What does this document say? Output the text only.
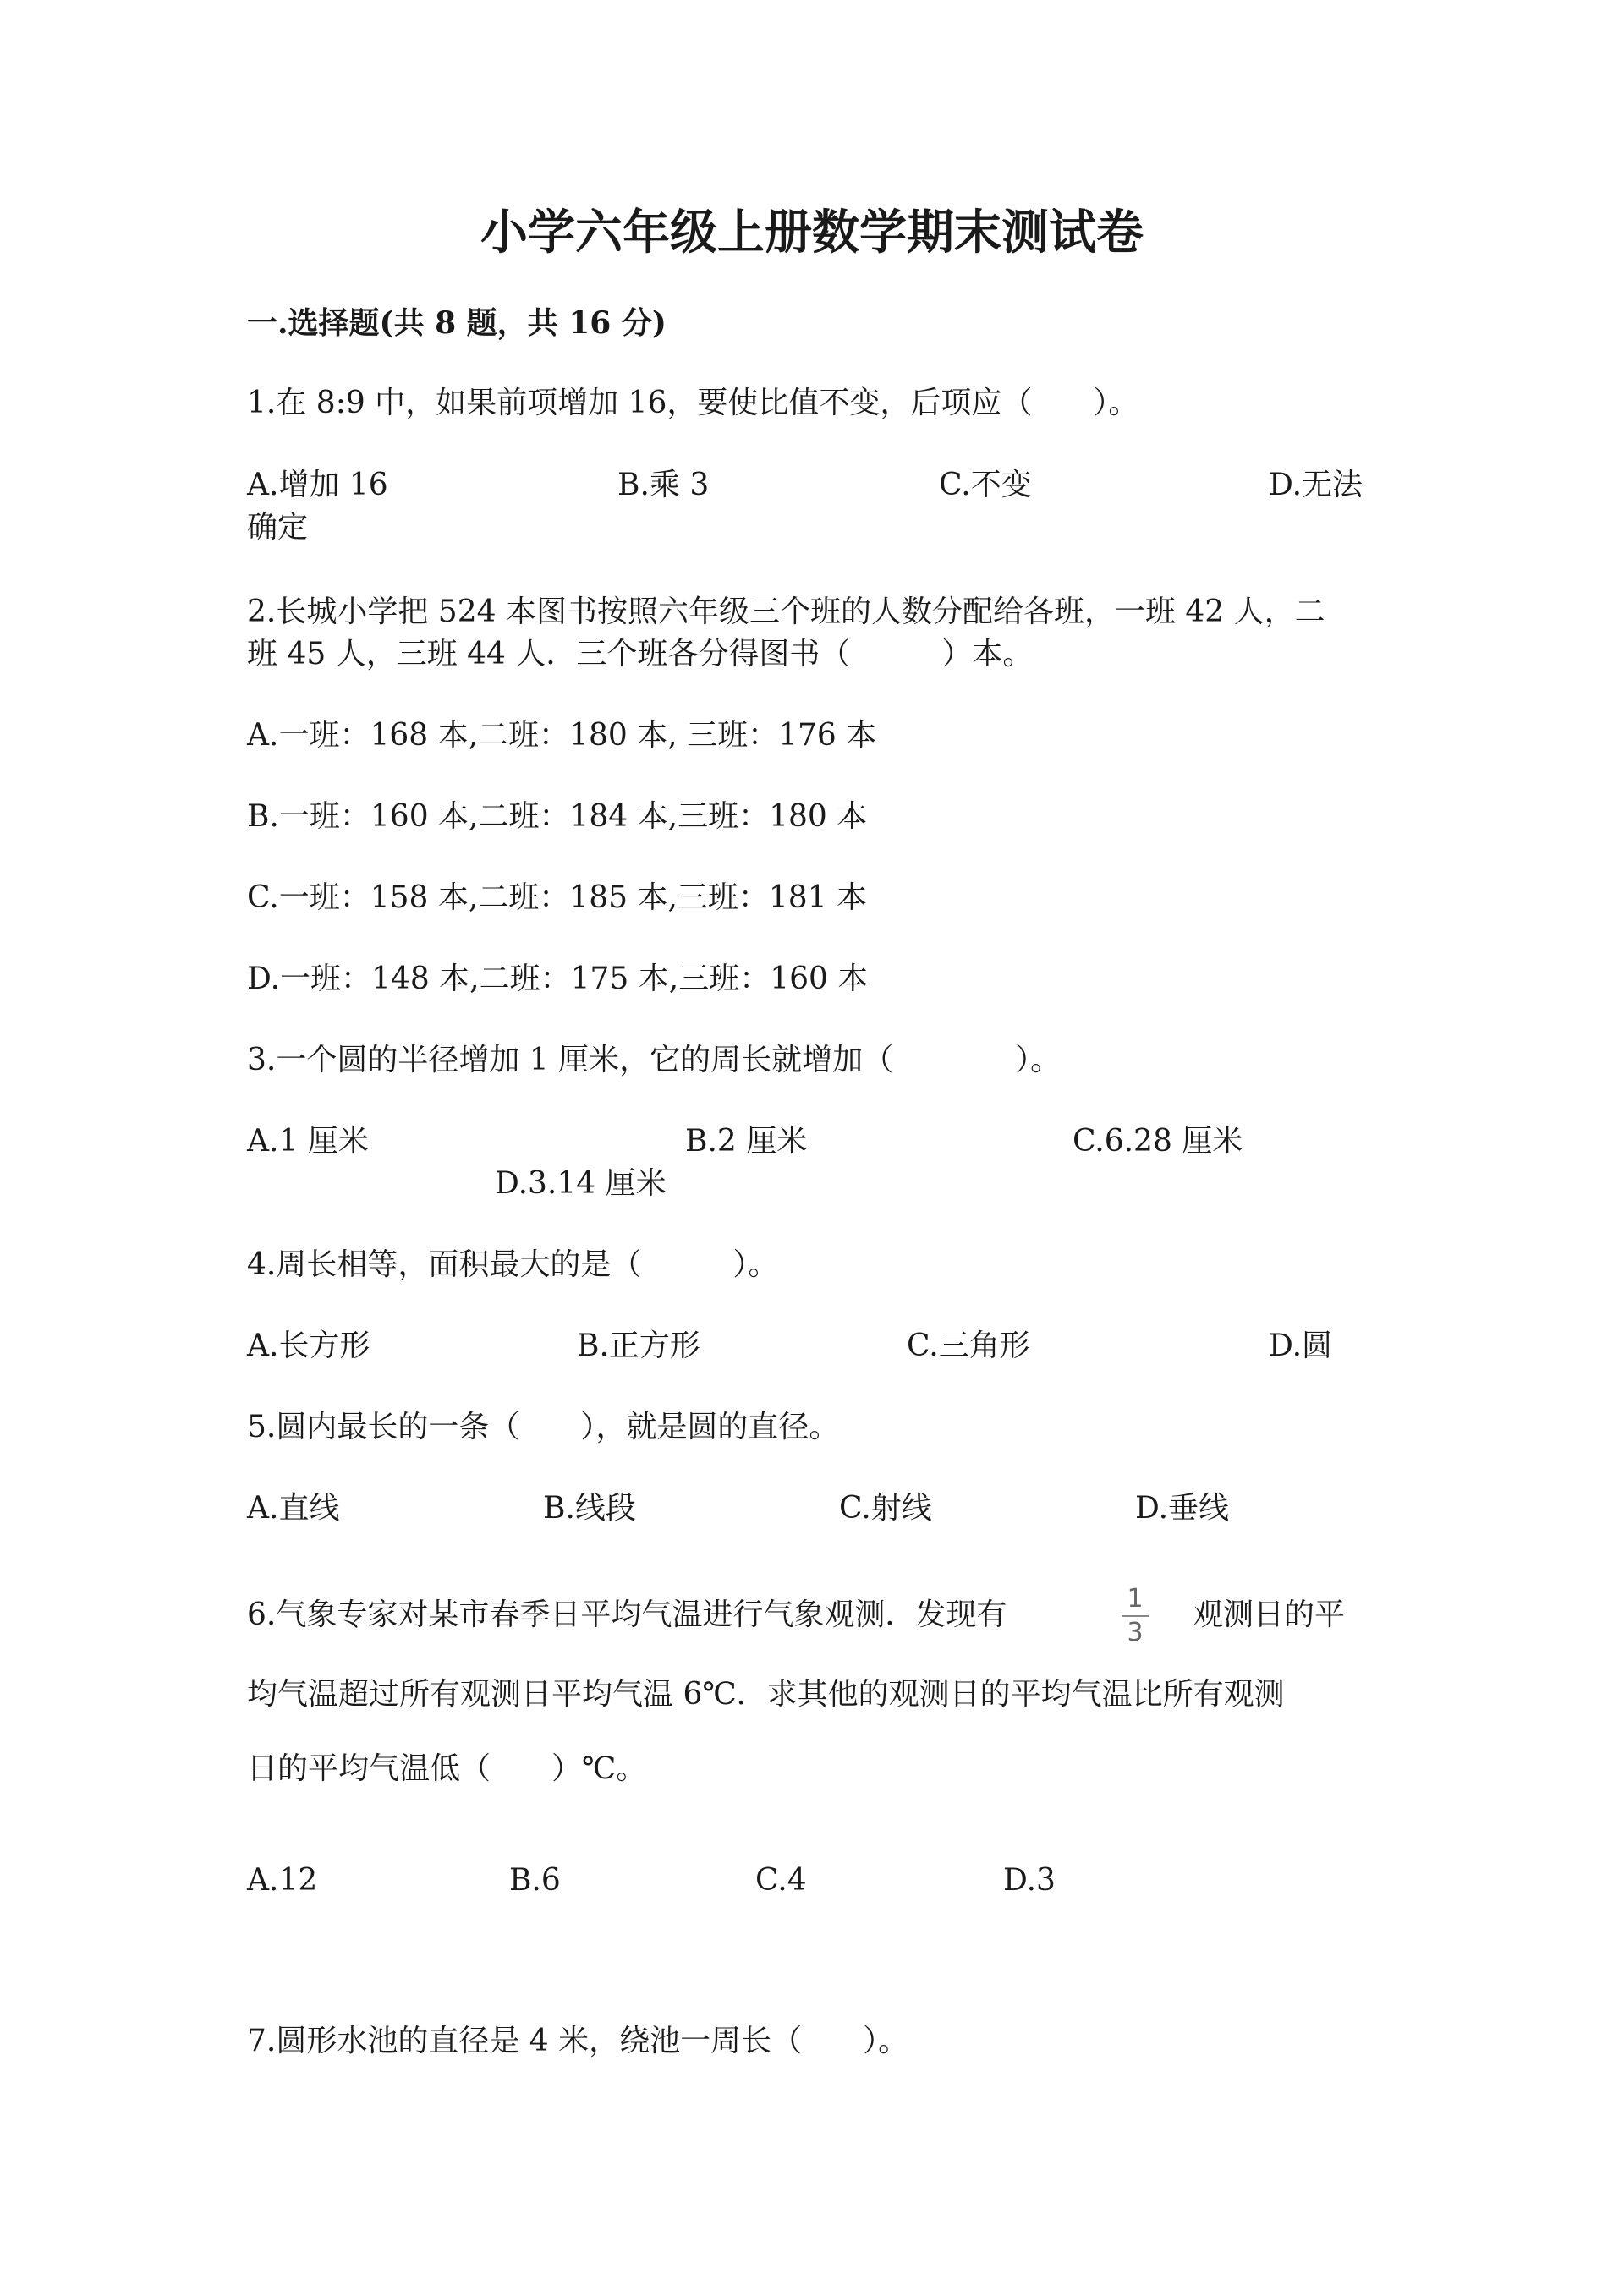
小学六年级上册数学期末测试卷
一.选择题(共 8 题，共 16 分)
1.在 8:9 中，如果前项增加 16，要使比值不变，后项应（　　）。
A.增加 16	B.乘 3	C.不变	D.无法
确定
2.长城小学把 524 本图书按照六年级三个班的人数分配给各班，一班 42 人，二
班 45 人，三班 44 人．三个班各分得图书（　　　）本。
A.一班：168 本,二班：180 本, 三班：176 本
B.一班：160 本,二班：184 本,三班：180 本
C.一班：158 本,二班：185 本,三班：181 本
D.一班：148 本,二班：175 本,三班：160 本
3.一个圆的半径增加 1 厘米，它的周长就增加（　　　　）。
A.1 厘米	B.2 厘米	C.6.28 厘米
D.3.14 厘米
4.周长相等，面积最大的是（　　　）。
A.长方形	B.正方形	C.三角形	D.圆
5.圆内最长的一条（　　），就是圆的直径。
A.直线	B.线段	C.射线	D.垂线
6.气象专家对某市春季日平均气温进行气象观测．发现有	1
3
观测日的平
均气温超过所有观测日平均气温 6℃．求其他的观测日的平均气温比所有观测
日的平均气温低（　　）℃。
A.12	B.6	C.4	D.3
7.圆形水池的直径是 4 米，绕池一周长（　　）。
